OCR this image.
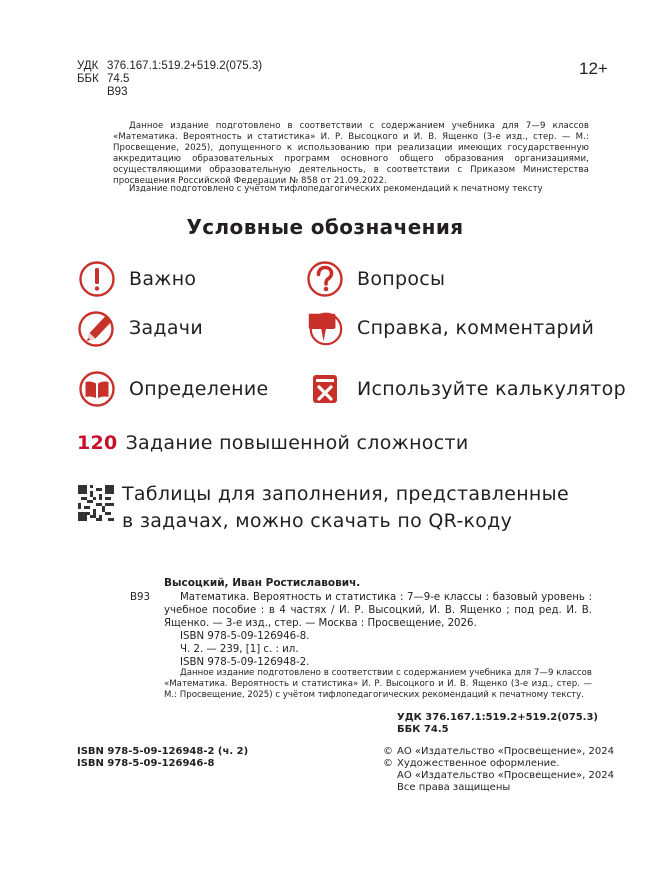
УДК 376.167.1:519.2+519.2(075.3)
ББК 74.5
В93
12+
Данное издание подготовлено в соответствии с содержанием учебника для 7—9 классов «Математика. Вероятность и статистика» И. Р. Высоцкого и И. В. Ященко (3-е изд., стер. — М.: Просвещение, 2025), допущенного к использованию при реализации имеющих государственную аккредитацию образовательных программ основного общего образования организациями, осуществляющими образовательную деятельность, в соответствии с Приказом Министерства просвещения Российской Федерации № 858 от 21.09.2022.
Издание подготовлено с учётом тифлопедагогических рекомендаций к печатному тексту
Условные обозначения
Важно	Вопросы
Задачи	Справка, комментарий
Определение	Используйте калькулятор
120 Задание повышенной сложности
Таблицы для заполнения, представленные
в задачах, можно скачать по QR-коду
Высоцкий, Иван Ростиславович.
В93	Математика. Вероятность и статистика : 7—9-е классы : базовый уровень : учебное пособие : в 4 частях / И. Р. Высоцкий, И. В. Ященко ; под ред. И. В. Ященко. — 3-е изд., стер. — Москва : Просвещение, 2026.
ISBN 978-5-09-126946-8.
Ч. 2. — 239, [1] с. : ил.
ISBN 978-5-09-126948-2.
Данное издание подготовлено в соответствии с содержанием учебника для 7—9 классов «Математика. Вероятность и статистика» И. Р. Высоцкого и И. В. Ященко (3-е изд., стер. — М.: Просвещение, 2025) с учётом тифлопедагогических рекомендаций к печатному тексту.
УДК 376.167.1:519.2+519.2(075.3)
ББК 74.5
ISBN 978-5-09-126948-2 (ч. 2)
ISBN 978-5-09-126946-8
© АО «Издательство «Просвещение», 2024
© Художественное оформление.
АО «Издательство «Просвещение», 2024
Все права защищены
